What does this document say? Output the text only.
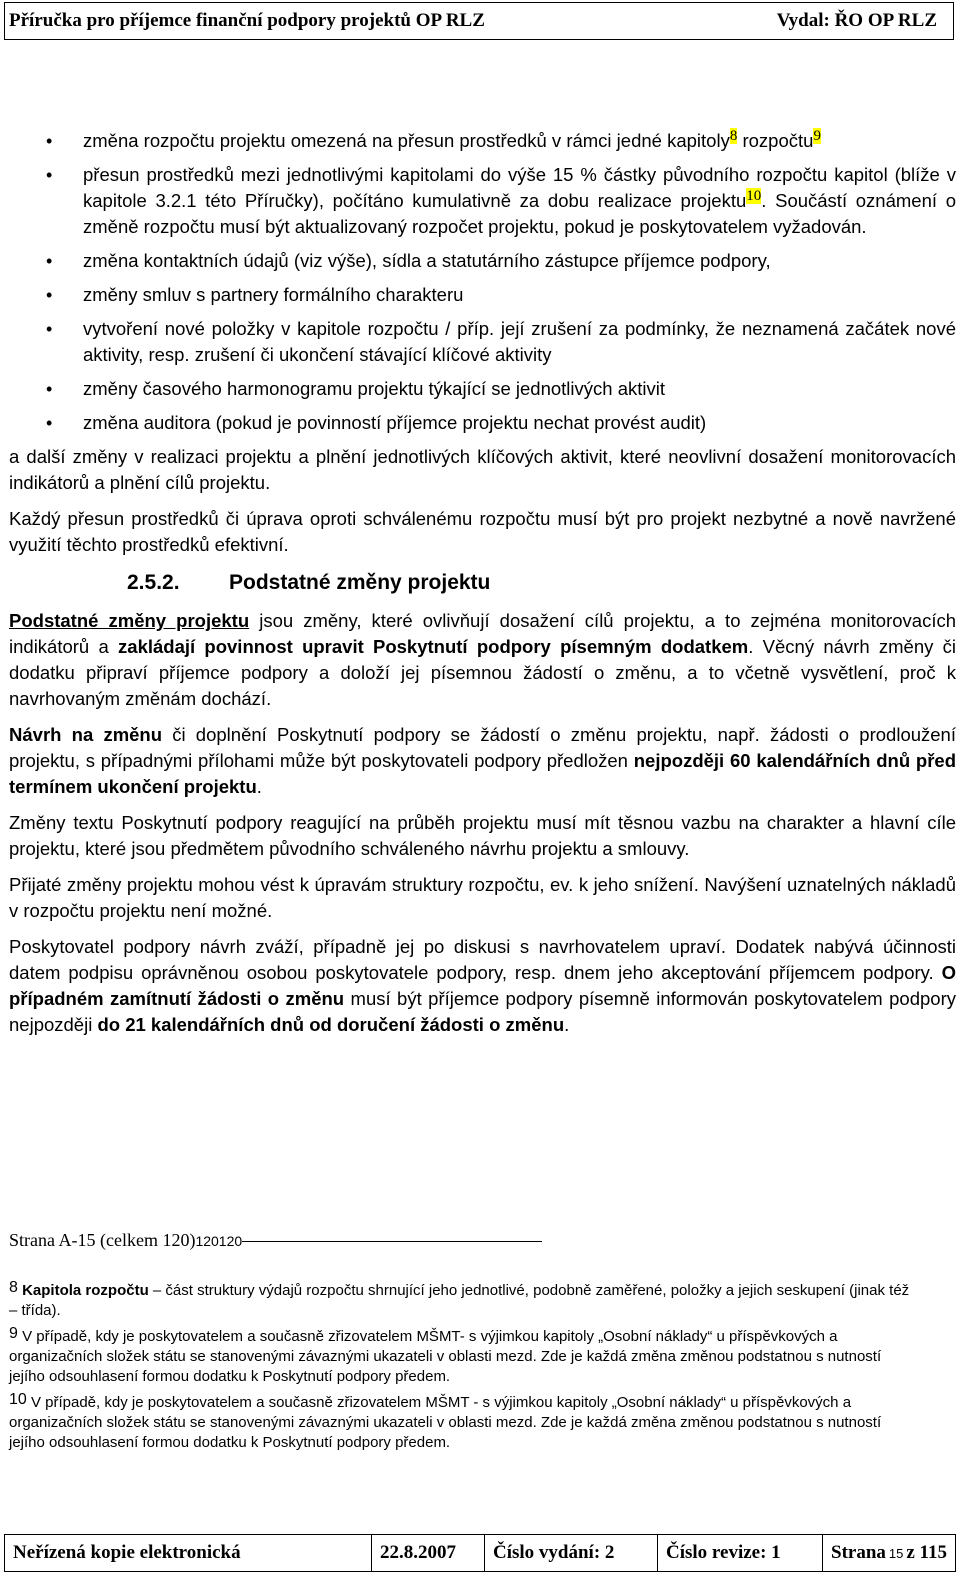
Příručka pro příjemce finanční podpory projektů OP RLZ	Vydal: ŘO OP RLZ
• změna rozpočtu projektu omezená na přesun prostředků v rámci jedné kapitoly$^8$ rozpočtu$^9$
• přesun prostředků mezi jednotlivými kapitolami do výše 15 % částky původního rozpočtu kapitol (blíže v kapitole 3.2.1 této Příručky), počítáno kumulativně za dobu realizace projektu$^{10}$. Součástí oznámení o změně rozpočtu musí být aktualizovaný rozpočet projektu, pokud je poskytovatelem vyžadován.
• změna kontaktních údajů (viz výše), sídla a statutárního zástupce příjemce podpory,
• změny smluv s partnery formálního charakteru
• vytvoření nové položky v kapitole rozpočtu / příp. její zrušení za podmínky, že neznamená začátek nové aktivity, resp. zrušení či ukončení stávající klíčové aktivity
• změny časového harmonogramu projektu týkající se jednotlivých aktivit
• změna auditora (pokud je povinností příjemce projektu nechat provést audit)

a další změny v realizaci projektu a plnění jednotlivých klíčových aktivit, které neovlivní dosažení monitorovacích indikátorů a plnění cílů projektu.

Každý přesun prostředků či úprava oproti schválenému rozpočtu musí být pro projekt nezbytné a nově navržené využití těchto prostředků efektivní.

2.5.2. Podstatné změny projektu

Podstatné změny projektu jsou změny, které ovlivňují dosažení cílů projektu, a to zejména monitorovacích indikátorů a zakládají povinnost upravit Poskytnutí podpory písemným dodatkem. Věcný návrh změny či dodatku připraví příjemce podpory a doloží jej písemnou žádostí o změnu, a to včetně vysvětlení, proč k navrhovaným změnám dochází.

Návrh na změnu či doplnění Poskytnutí podpory se žádostí o změnu projektu, např. žádosti o prodloužení projektu, s případnými přílohami může být poskytovateli podpory předložen nejpozději 60 kalendářních dnů před termínem ukončení projektu.

Změny textu Poskytnutí podpory reagující na průběh projektu musí mít těsnou vazbu na charakter a hlavní cíle projektu, které jsou předmětem původního schváleného návrhu projektu a smlouvy.

Přijaté změny projektu mohou vést k úpravám struktury rozpočtu, ev. k jeho snížení. Navýšení uznatelných nákladů v rozpočtu projektu není možné.

Poskytovatel podpory návrh zváží, případně jej po diskusi s navrhovatelem upraví. Dodatek nabývá účinnosti datem podpisu oprávněnou osobou poskytovatele podpory, resp. dnem jeho akceptování příjemcem podpory. O případném zamítnutí žádosti o změnu musí být příjemce podpory písemně informován poskytovatelem podpory nejpozději do 21 kalendářních dnů od doručení žádosti o změnu.

Strana A-15 (celkem 120) 120120

8 Kapitola rozpočtu – část struktury výdajů rozpočtu shrnující jeho jednotlivé, podobně zaměřené, položky a jejich seskupení (jinak též – třída).

9 V případě, kdy je poskytovatelem a současně zřizovatelem MŠMT- s výjimkou kapitoly „Osobní náklady“ u příspěvkových a organizačních složek státu se stanovenými závaznými ukazateli v oblasti mezd. Zde je každá změna změnou podstatnou s nutností jejího odsouhlasení formou dodatku k Poskytnutí podpory předem.

10 V případě, kdy je poskytovatelem a současně zřizovatelem MŠMT - s výjimkou kapitoly „Osobní náklady“ u příspěvkových a organizačních složek státu se stanovenými závaznými ukazateli v oblasti mezd. Zde je každá změna změnou podstatnou s nutností jejího odsouhlasení formou dodatku k Poskytnutí podpory předem.

Neřízená kopie elektronická	22.8.2007	Číslo vydání: 2	Číslo revize: 1	Strana 15 z 115
